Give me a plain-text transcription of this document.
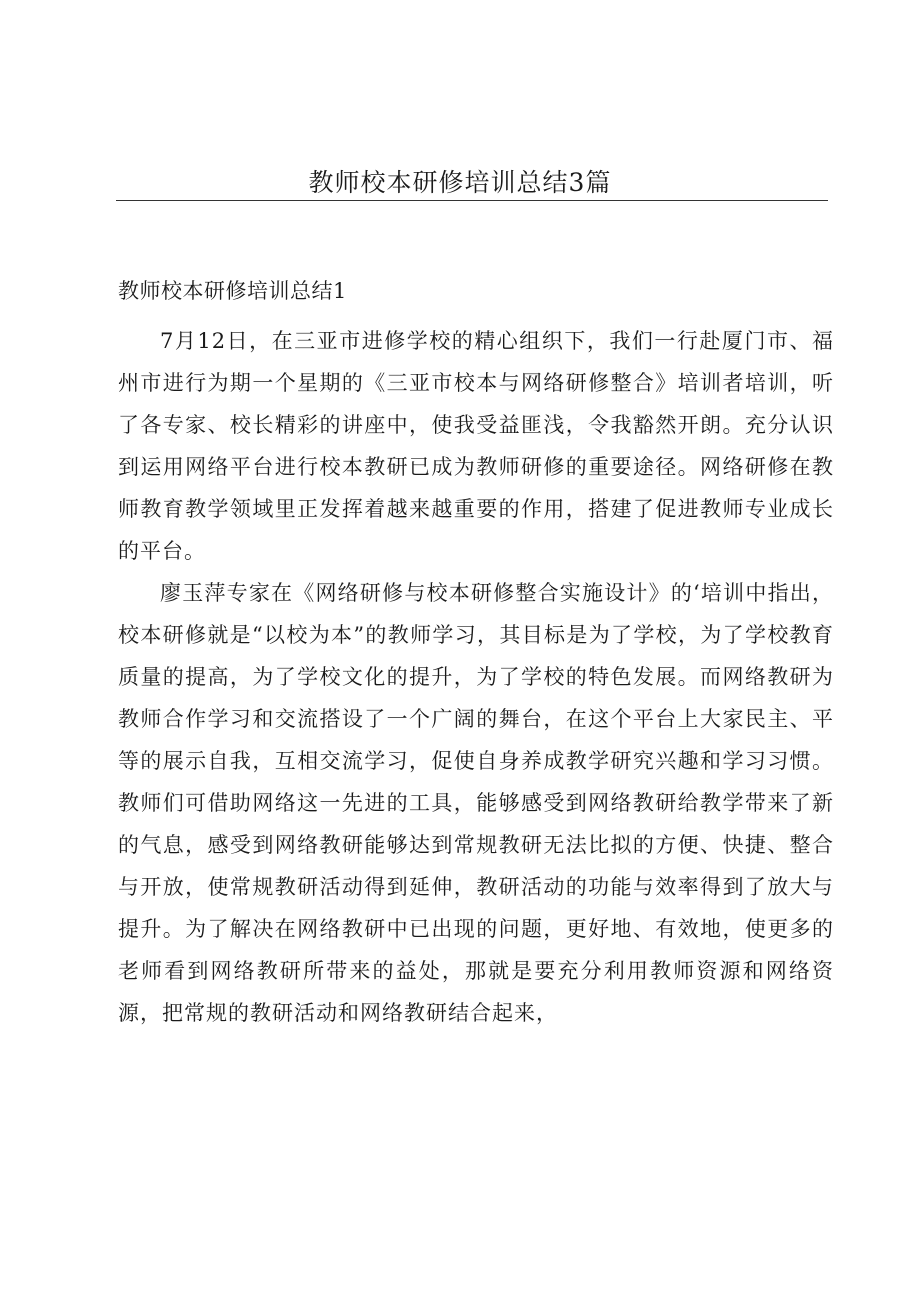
教师校本研修培训总结3篇
教师校本研修培训总结1

7月12日，在三亚市进修学校的精心组织下，我们一行赴厦门市、福州市进行为期一个星期的《三亚市校本与网络研修整合》培训者培训，听了各专家、校长精彩的讲座中，使我受益匪浅，令我豁然开朗。充分认识到运用网络平台进行校本教研已成为教师研修的重要途径。网络研修在教师教育教学领域里正发挥着越来越重要的作用，搭建了促进教师专业成长的平台。

廖玉萍专家在《网络研修与校本研修整合实施设计》的‘培训中指出，校本研修就是“以校为本”的教师学习，其目标是为了学校，为了学校教育质量的提高，为了学校文化的提升，为了学校的特色发展。而网络教研为教师合作学习和交流搭设了一个广阔的舞台，在这个平台上大家民主、平等的展示自我，互相交流学习，促使自身养成教学研究兴趣和学习习惯。教师们可借助网络这一先进的工具，能够感受到网络教研给教学带来了新的气息，感受到网络教研能够达到常规教研无法比拟的方便、快捷、整合与开放，使常规教研活动得到延伸，教研活动的功能与效率得到了放大与提升。为了解决在网络教研中已出现的问题，更好地、有效地，使更多的老师看到网络教研所带来的益处，那就是要充分利用教师资源和网络资源，把常规的教研活动和网络教研结合起来，
